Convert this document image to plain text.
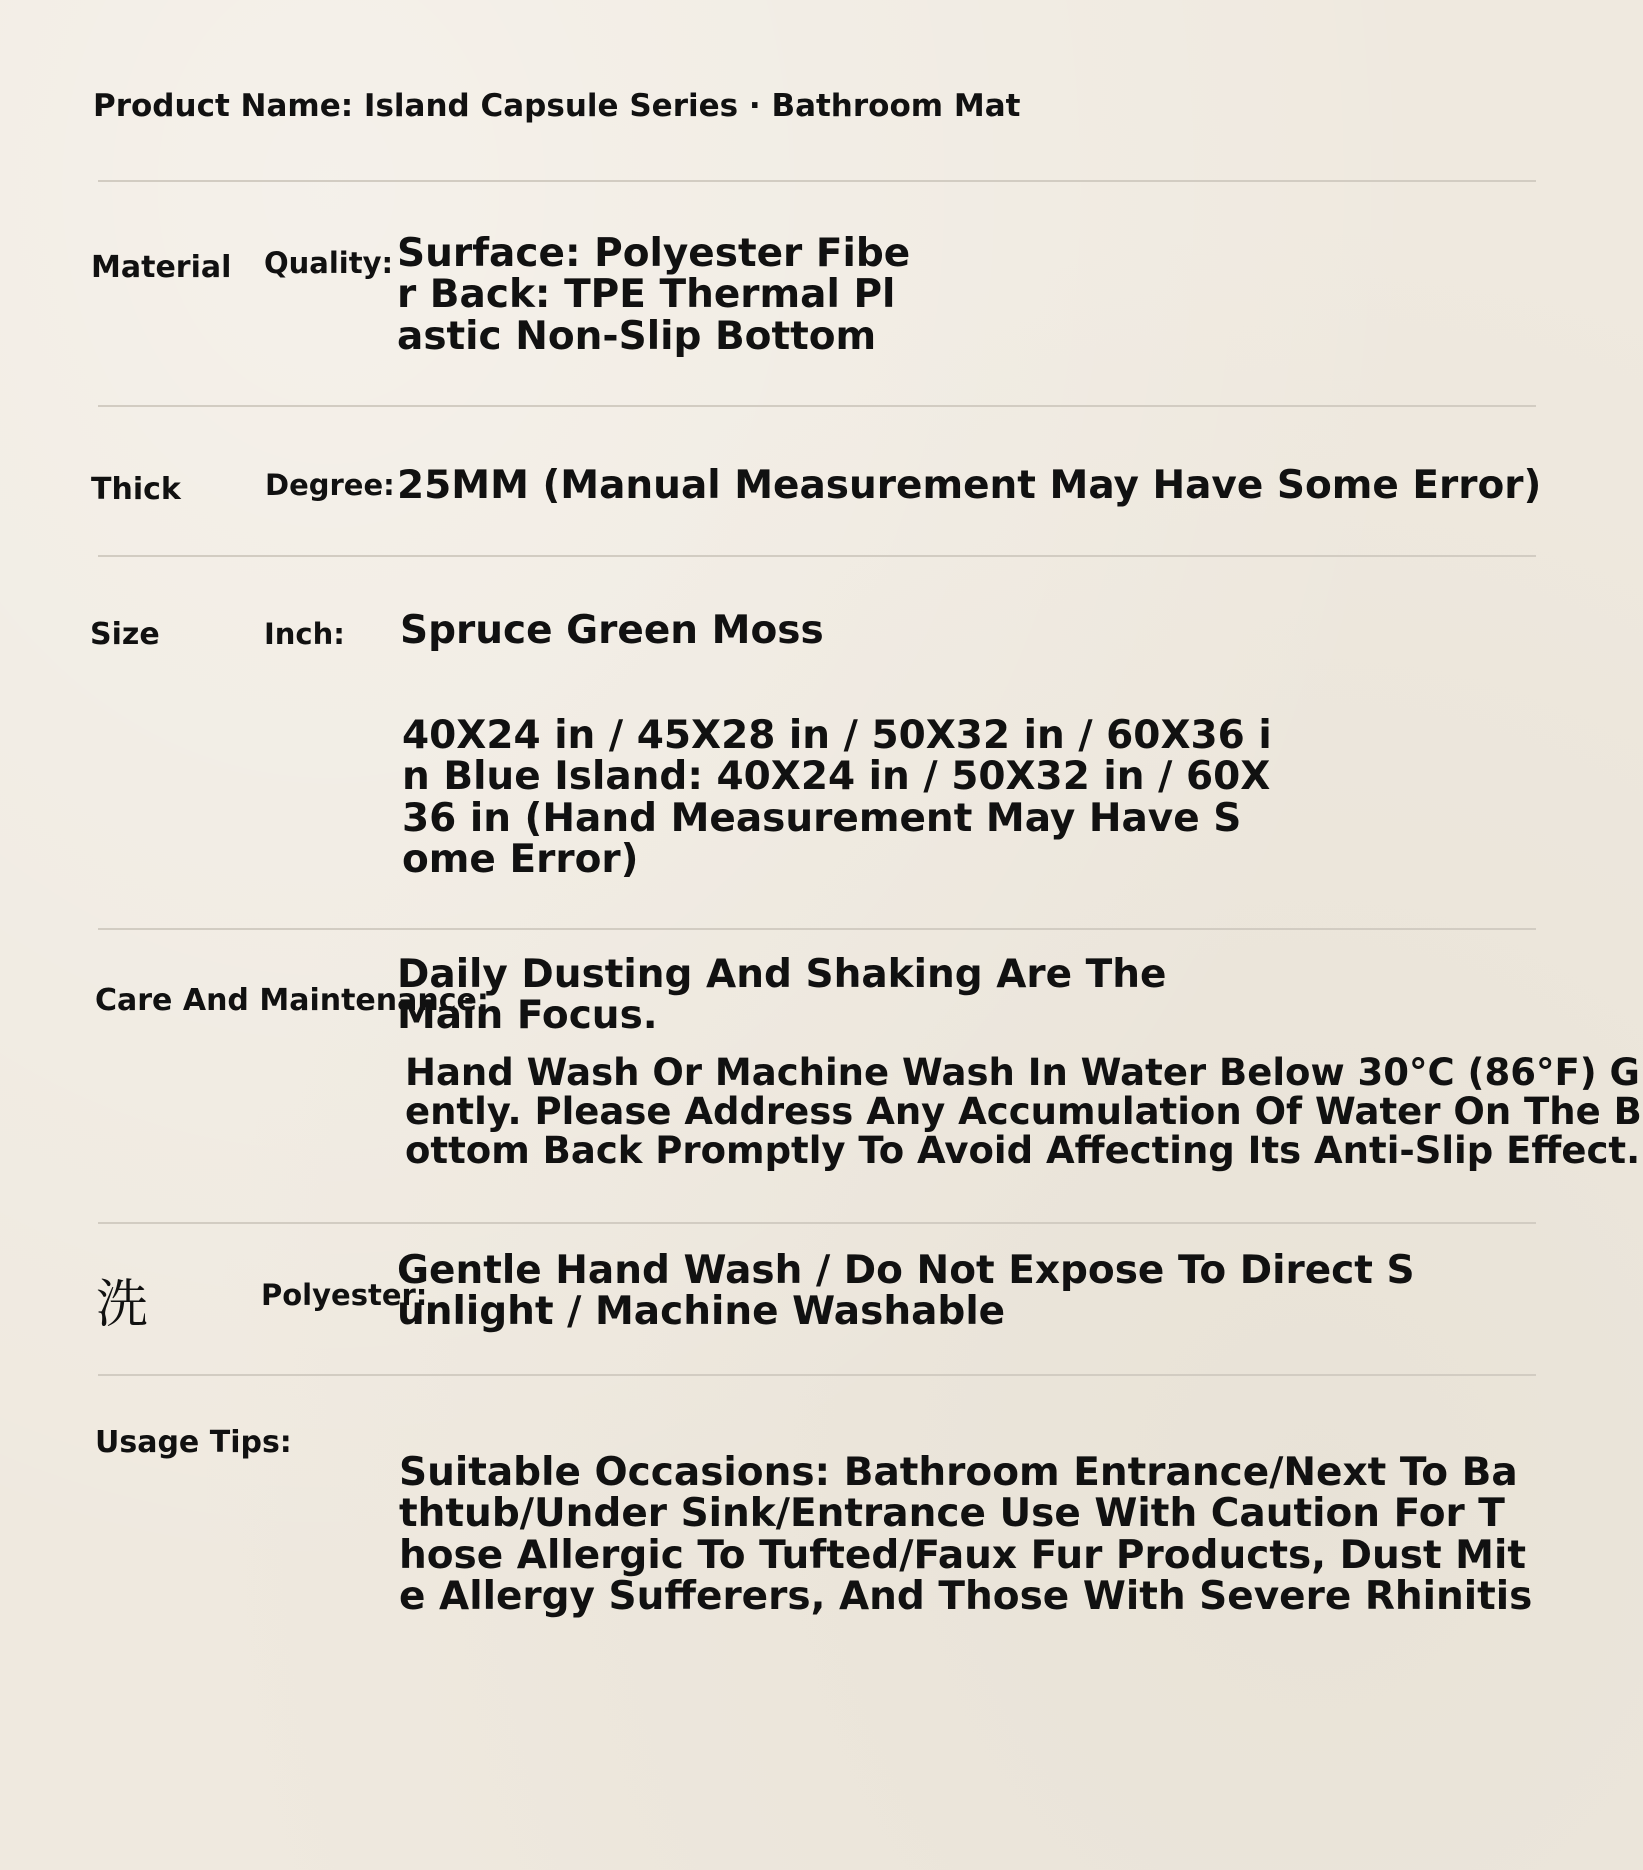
Product Name: Island Capsule Series · Bathroom Mat
Material Quality: Surface: Polyester Fibe
r Back: TPE Thermal Pl
astic Non-Slip Bottom
Thick	Degree: 25MM (Manual Measurement May Have Some Error)
Size	Inch: Spruce Green Moss
40X24 in / 45X28 in / 50X32 in / 60X36 i
n Blue Island: 40X24 in / 50X32 in / 60X
36 in (Hand Measurement May Have S
ome Error)
Care And Maintenance:
Daily Dusting And Shaking Are The
Main Focus.
Hand Wash Or Machine Wash In Water Below 30°C (86°F) G
ently. Please Address Any Accumulation Of Water On The B
ottom Back Promptly To Avoid Affecting Its Anti-Slip Effect.
洗	Polyester:
Gentle Hand Wash / Do Not Expose To Direct S
unlight / Machine Washable
Usage Tips:
Suitable Occasions: Bathroom Entrance/Next To Ba
thtub/Under Sink/Entrance Use With Caution For T
hose Allergic To Tufted/Faux Fur Products, Dust Mit
e Allergy Sufferers, And Those With Severe Rhinitis
